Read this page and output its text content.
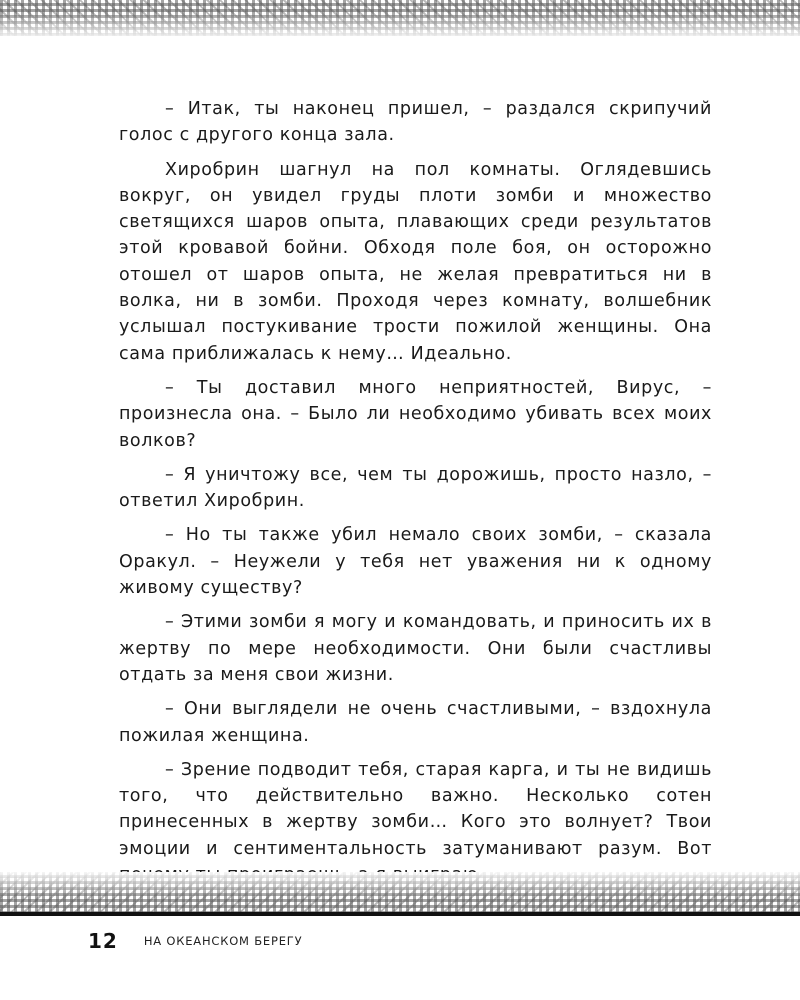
– Итак, ты наконец пришел, – раздался скрипучий голос с другого конца зала.

Хиробрин шагнул на пол комнаты. Оглядевшись вокруг, он увидел груды плоти зомби и множество светящихся шаров опыта, плавающих среди результатов этой кровавой бойни. Обходя поле боя, он осторожно отошел от шаров опыта, не желая превратиться ни в волка, ни в зомби. Проходя через комнату, волшебник услышал постукивание трости пожилой женщины. Она сама приближалась к нему… Идеально.

– Ты доставил много неприятностей, Вирус, – произнесла она. – Было ли необходимо убивать всех моих волков?

– Я уничтожу все, чем ты дорожишь, просто назло, – ответил Хиробрин.

– Но ты также убил немало своих зомби, – сказала Оракул. – Неужели у тебя нет уважения ни к одному живому существу?

– Этими зомби я могу и командовать, и приносить их в жертву по мере необходимости. Они были счастливы отдать за меня свои жизни.

– Они выглядели не очень счастливыми, – вздохнула пожилая женщина.

– Зрение подводит тебя, старая карга, и ты не видишь того, что действительно важно. Несколько сотен принесенных в жертву зомби… Кого это волнует? Твои эмоции и сентиментальность затуманивают разум. Вот

12 НА ОКЕАНСКОМ БЕРЕГУ
